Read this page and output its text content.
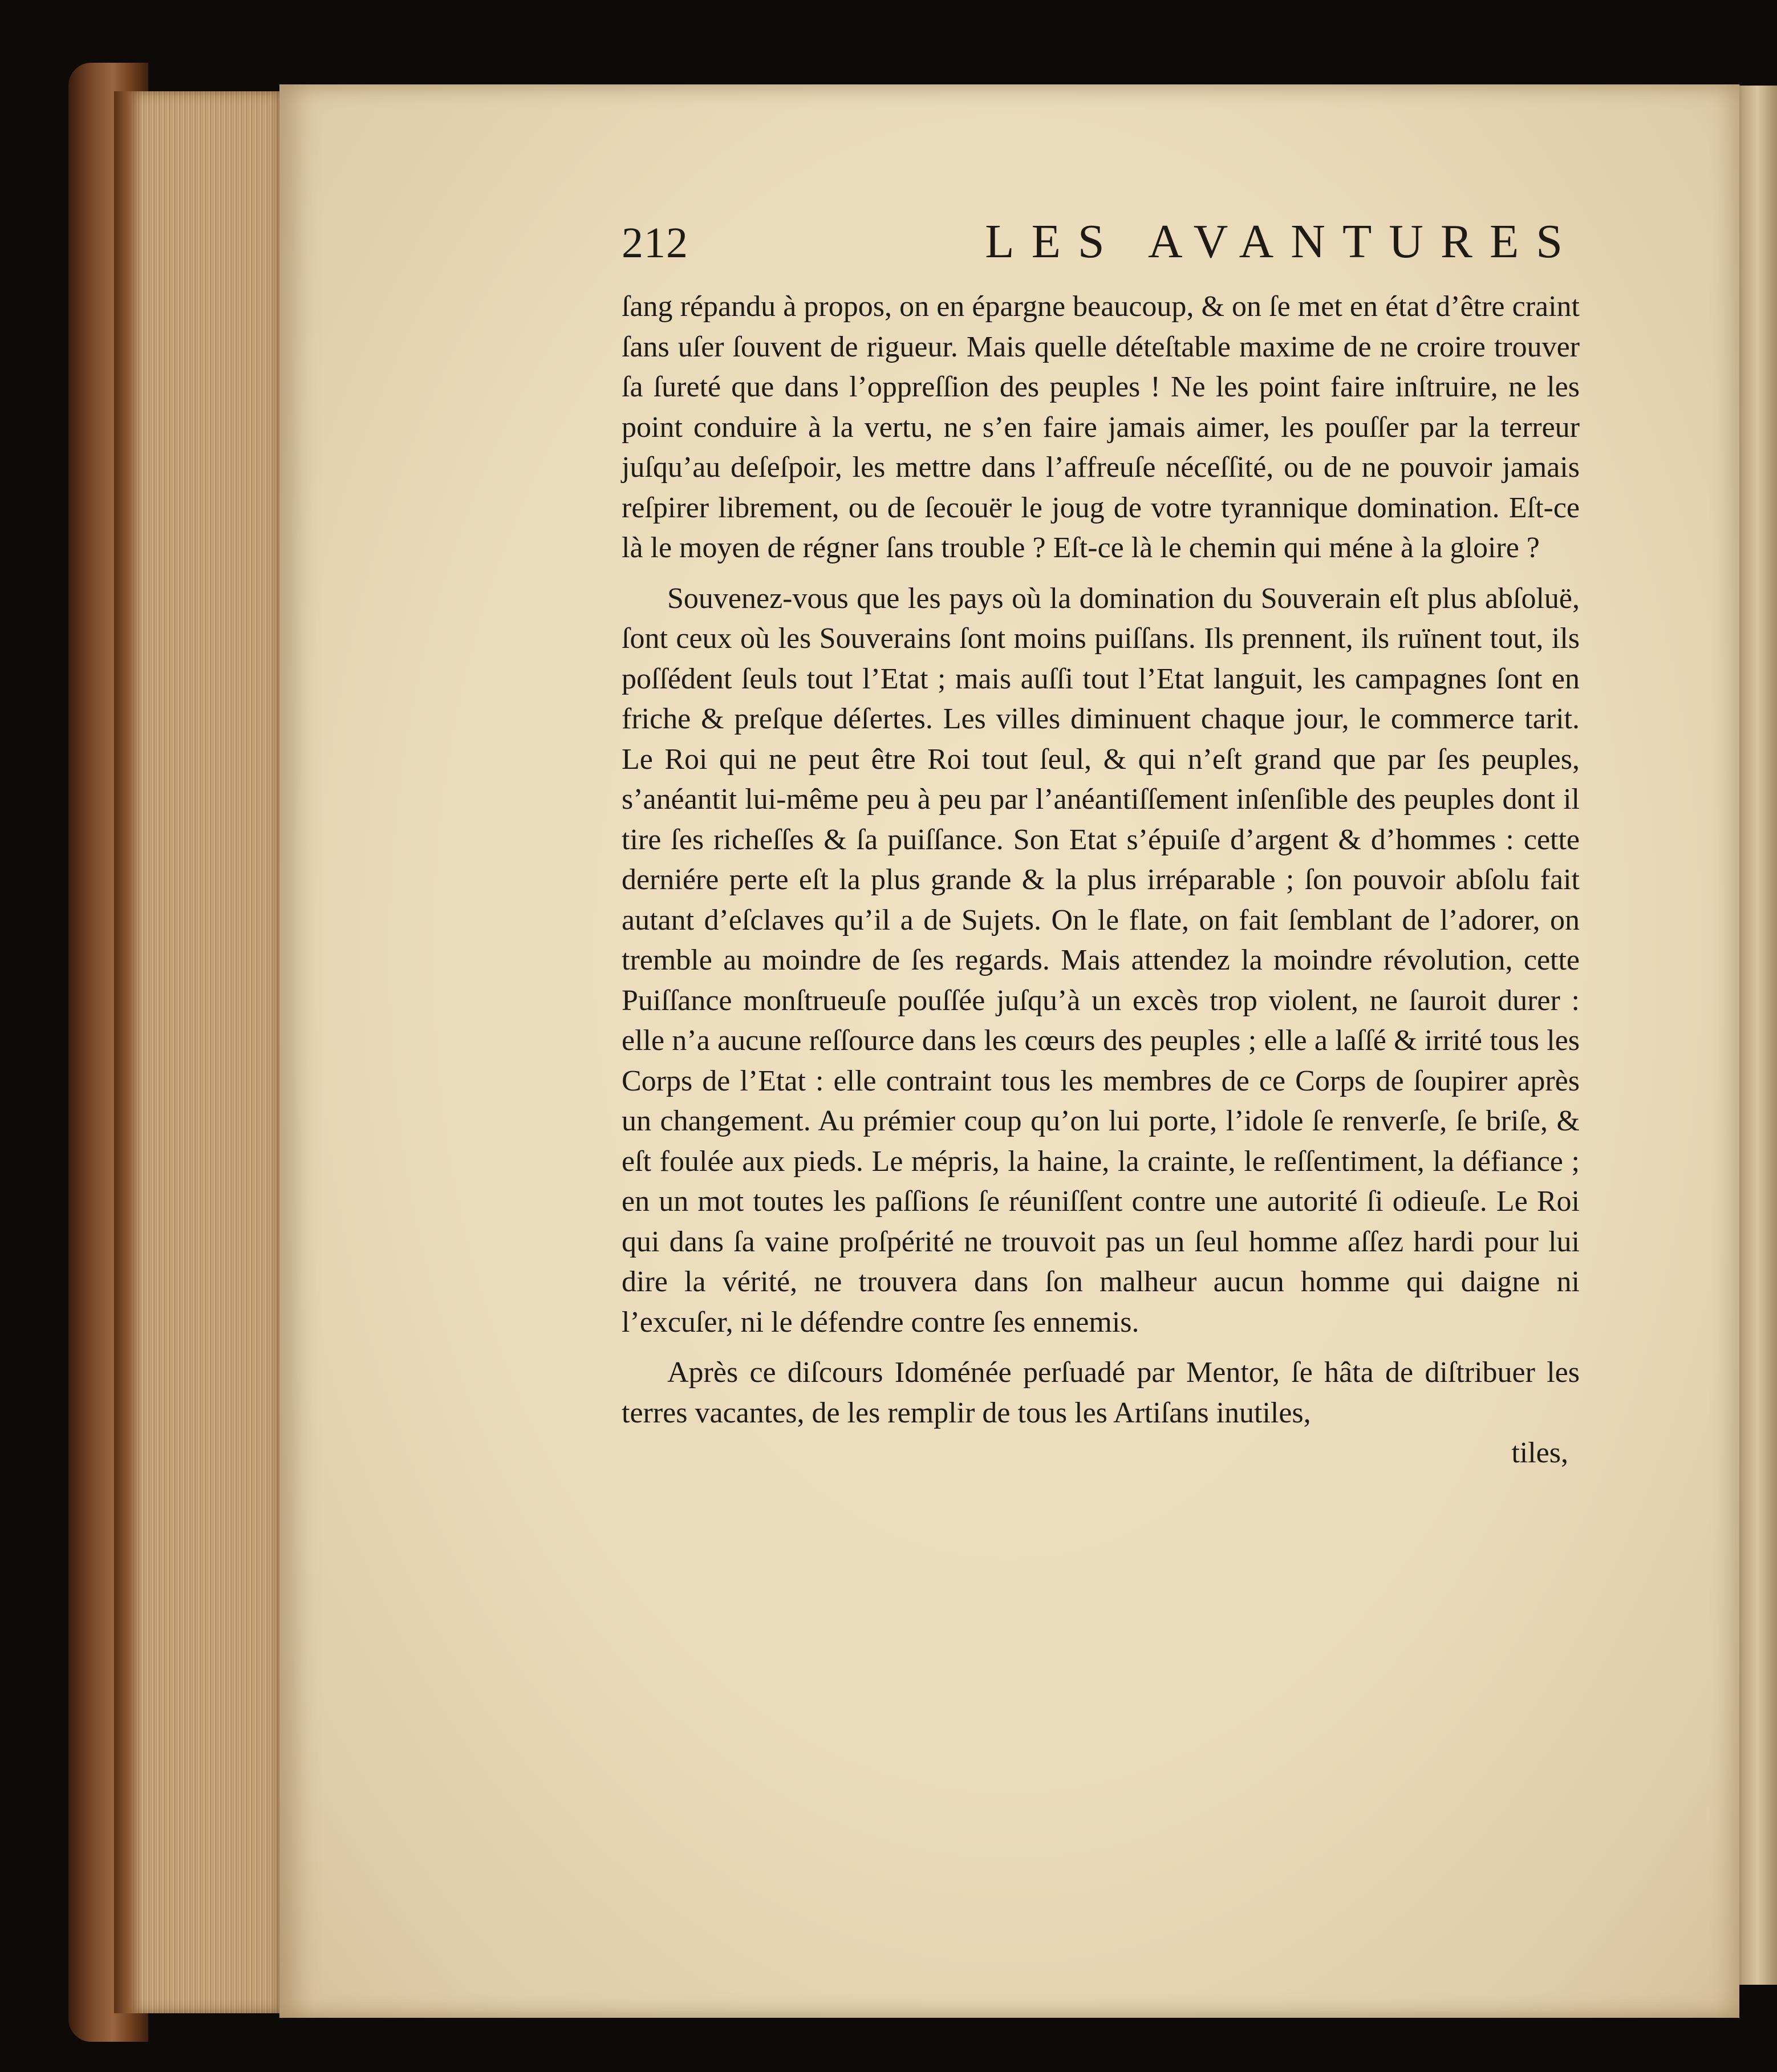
212	LES AVANTURES

ſang répandu à propos, on en épargne beaucoup, & on ſe met en état d’être craint ſans uſer ſouvent de rigueur. Mais quelle déteſtable maxime de ne croire trouver ſa ſureté que dans l’oppreſſion des peuples ! Ne les point faire inſtruire, ne les point conduire à la vertu, ne s’en faire jamais aimer, les pouſſer par la terreur juſqu’au deſeſpoir, les mettre dans l’affreuſe néceſſité, ou de ne pouvoir jamais reſpirer librement, ou de ſecouër le joug de votre tyrannique domination. Eſt-ce là le moyen de régner ſans trouble ? Eſt-ce là le chemin qui méne à la gloire ?

Souvenez-vous que les pays où la domination du Souverain eſt plus abſoluë, ſont ceux où les Souverains ſont moins puiſſans. Ils prennent, ils ruïnent tout, ils poſſédent ſeuls tout l’Etat ; mais auſſi tout l’Etat languit, les campagnes ſont en friche & preſque déſertes. Les villes diminuent chaque jour, le commerce tarit. Le Roi qui ne peut être Roi tout ſeul, & qui n’eſt grand que par ſes peuples, s’anéantit lui-même peu à peu par l’anéantiſſement inſenſible des peuples dont il tire ſes richeſſes & ſa puiſſance. Son Etat s’épuiſe d’argent & d’hommes : cette derniére perte eſt la plus grande & la plus irréparable ; ſon pouvoir abſolu fait autant d’eſclaves qu’il a de Sujets. On le flate, on fait ſemblant de l’adorer, on tremble au moindre de ſes regards. Mais attendez la moindre révolution, cette Puiſſance monſtrueuſe pouſſée juſqu’à un excès trop violent, ne ſauroit durer : elle n’a aucune reſſource dans les cœurs des peuples ; elle a laſſé & irrité tous les Corps de l’Etat : elle contraint tous les membres de ce Corps de ſoupirer après un changement. Au prémier coup qu’on lui porte, l’idole ſe renverſe, ſe briſe, & eſt foulée aux pieds. Le mépris, la haine, la crainte, le reſſentiment, la défiance ; en un mot toutes les paſſions ſe réuniſſent contre une autorité ſi odieuſe. Le Roi qui dans ſa vaine proſpérité ne trouvoit pas un ſeul homme aſſez hardi pour lui dire la vérité, ne trouvera dans ſon malheur aucun homme qui daigne ni l’excuſer, ni le défendre contre ſes ennemis.

Après ce diſcours Idoménée perſuadé par Mentor, ſe hâta de diſtribuer les terres vacantes, de les remplir de tous les Artiſans inutiles,

tiles,
